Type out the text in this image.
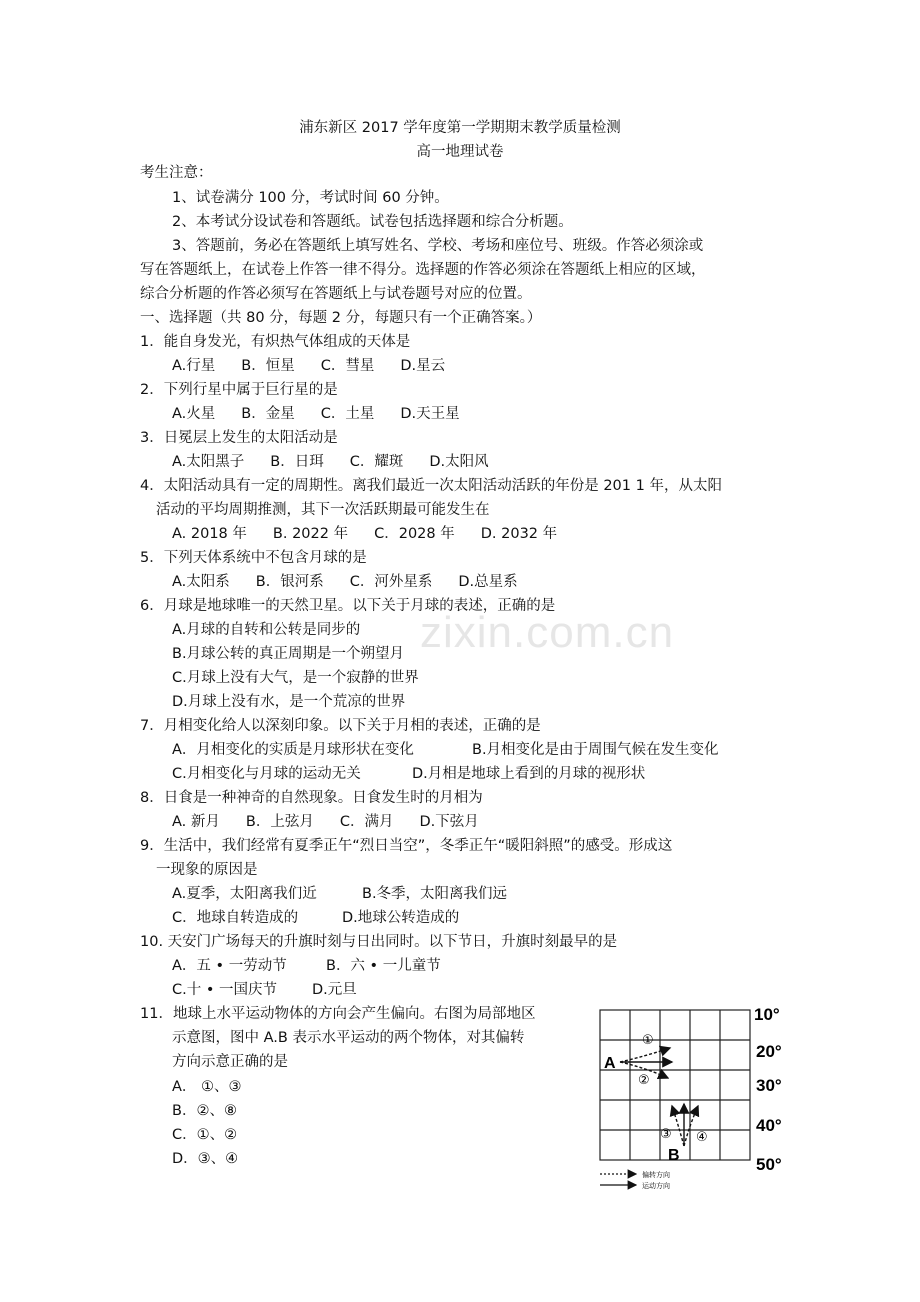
zixin.com.cn
浦东新区 2017 学年度第一学期期末教学质量检测
高一地理试卷
考生注意：
1、试卷满分 100 分，考试时间 60 分钟。
2、本考试分设试卷和答题纸。试卷包括选择题和综合分析题。
3、答题前，务必在答题纸上填写姓名、学校、考场和座位号、班级。作答必须涂或
写在答题纸上，在试卷上作答一律不得分。选择题的作答必须涂在答题纸上相应的区域，
综合分析题的作答必须写在答题纸上与试卷题号对应的位置。
一、选择题（共 80 分，每题 2 分，每题只有一个正确答案。）
1．能自身发光，有炽热气体组成的天体是
A.行星 B．恒星 C．彗星 D.星云
2．下列行星中属于巨行星的是
A.火星 B．金星 C．土星 D.天王星
3．日冕层上发生的太阳活动是
A.太阳黑子 B．日珥 C．耀斑 D.太阳风
4．太阳活动具有一定的周期性。离我们最近一次太阳活动活跃的年份是 201 1 年，从太阳
活动的平均周期推测，其下一次活跃期最可能发生在
A. 2018 年 B. 2022 年 C．2028 年 D. 2032 年
5．下列天体系统中不包含月球的是
A.太阳系 B．银河系 C．河外星系 D.总星系
6．月球是地球唯一的天然卫星。以下关于月球的表述，正确的是
A.月球的自转和公转是同步的
B.月球公转的真正周期是一个朔望月
C.月球上没有大气，是一个寂静的世界
D.月球上没有水，是一个荒凉的世界
7．月相变化给人以深刻印象。以下关于月相的表述，正确的是
A．月相变化的实质是月球形状在变化	B.月相变化是由于周围气候在发生变化
C.月相变化与月球的运动无关	D.月相是地球上看到的月球的视形状
8．日食是一种神奇的自然现象。日食发生时的月相为
A. 新月 B．上弦月 C．满月 D.下弦月
9．生活中，我们经常有夏季正午“烈日当空”，冬季正午“暖阳斜照”的感受。形成这
一现象的原因是
A.夏季，太阳离我们近	B.冬季，太阳离我们远
C．地球自转造成的	D.地球公转造成的
10. 天安门广场每天的升旗时刻与日出同时。以下节日，升旗时刻最早的是
A．五 • 一劳动节	B．六 • 一儿童节
C.十 • 一国庆节 D.元旦
11．地球上水平运动物体的方向会产生偏向。右图为局部地区
示意图，图中 A.B 表示水平运动的两个物体，对其偏转
方向示意正确的是
A． ①、③
B．②、⑧
C．①、②
D．③、④
10°
20°
30°
40°
50°
A
①
②
B
③ ④
偏转方向
运动方向
